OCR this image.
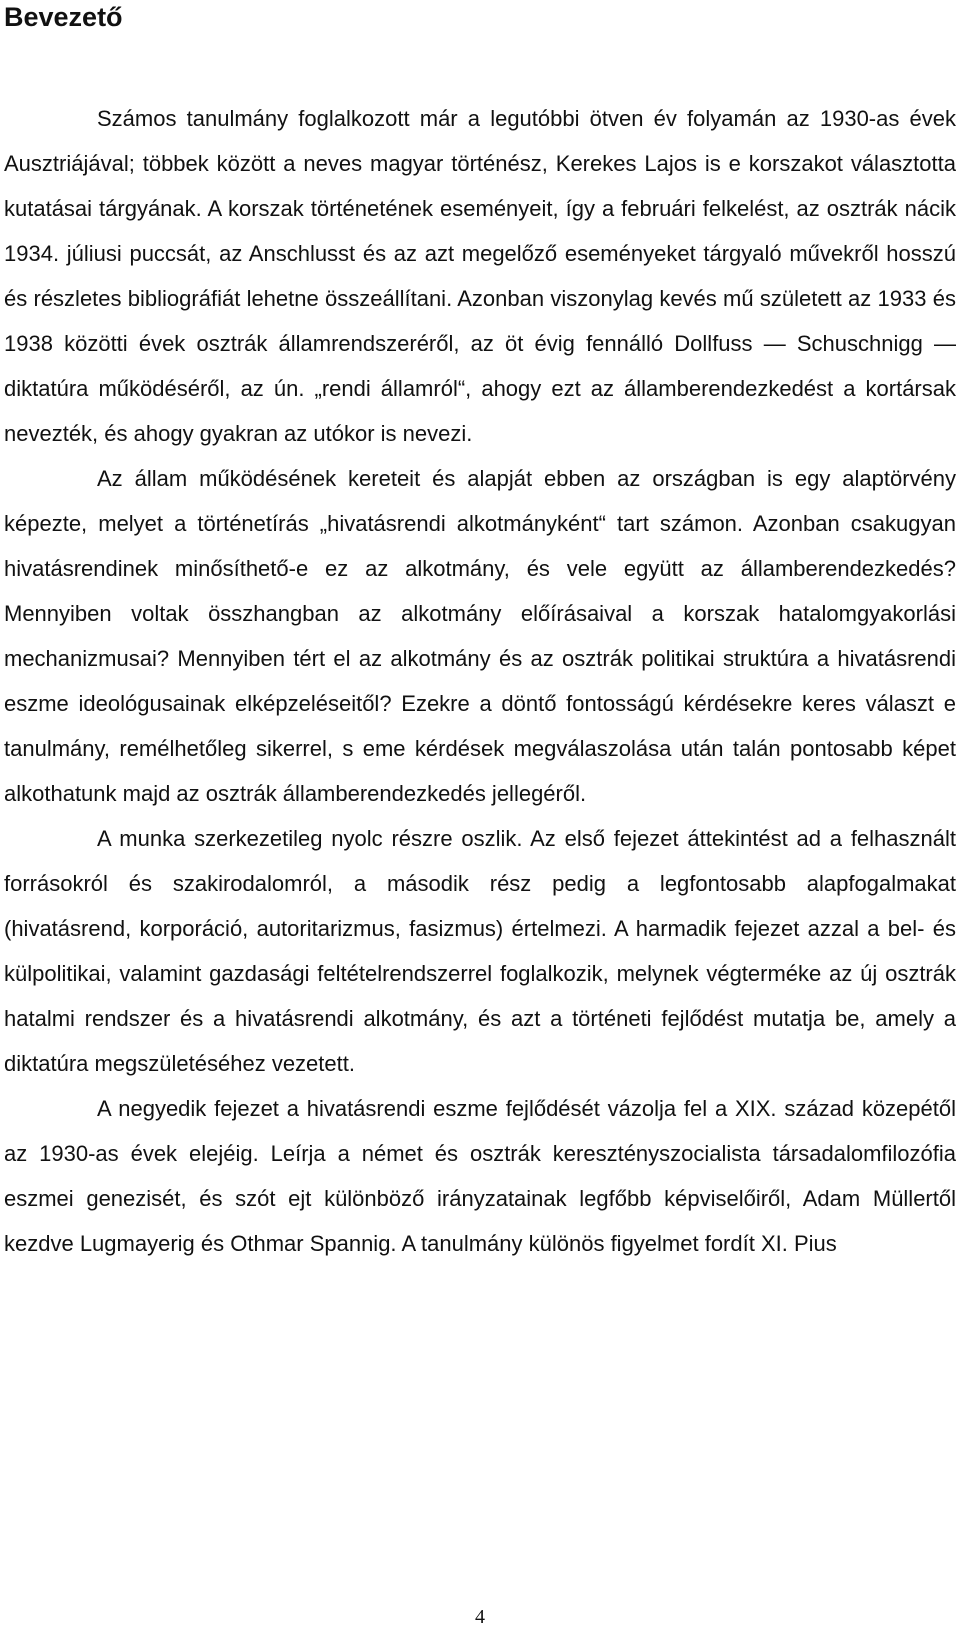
Bevezető

Számos tanulmány foglalkozott már a legutóbbi ötven év folyamán az 1930-as évek Ausztriájával; többek között a neves magyar történész, Kerekes Lajos is e korszakot választotta kutatásai tárgyának. A korszak történetének eseményeit, így a februári felkelést, az osztrák nácik 1934. júliusi puccsát, az Anschlusst és az azt megelőző eseményeket tárgyaló művekről hosszú és részletes bibliográfiát lehetne összeállítani. Azonban viszonylag kevés mű született az 1933 és 1938 közötti évek osztrák államrendszeréről, az öt évig fennálló Dollfuss — Schuschnigg — diktatúra működéséről, az ún. „rendi államról“, ahogy ezt az államberendezkedést a kortársak nevezték, és ahogy gyakran az utókor is nevezi.

Az állam működésének kereteit és alapját ebben az országban is egy alaptörvény képezte, melyet a történetírás „hivatásrendi alkotmányként“ tart számon. Azonban csakugyan hivatásrendinek minősíthető-e ez az alkotmány, és vele együtt az államberendezkedés? Mennyiben voltak összhangban az alkotmány előírásaival a korszak hatalomgyakorlási mechanizmusai? Mennyiben tért el az alkotmány és az osztrák politikai struktúra a hivatásrendi eszme ideológusainak elképzeléseitől? Ezekre a döntő fontosságú kérdésekre keres választ e tanulmány, remélhetőleg sikerrel, s eme kérdések megválaszolása után talán pontosabb képet alkothatunk majd az osztrák államberendezkedés jellegéről.

A munka szerkezetileg nyolc részre oszlik. Az első fejezet áttekintést ad a felhasznált forrásokról és szakirodalomról, a második rész pedig a legfontosabb alapfogalmakat (hivatásrend, korporáció, autoritarizmus, fasizmus) értelmezi. A harmadik fejezet azzal a bel- és külpolitikai, valamint gazdasági feltételrendszerrel foglalkozik, melynek végterméke az új osztrák hatalmi rendszer és a hivatásrendi alkotmány, és azt a történeti fejlődést mutatja be, amely a diktatúra megszületéséhez vezetett.

A negyedik fejezet a hivatásrendi eszme fejlődését vázolja fel a XIX. század közepétől az 1930-as évek elejéig. Leírja a német és osztrák keresztényszocialista társadalomfilozófia eszmei genezisét, és szót ejt különböző irányzatainak legfőbb képviselőiről, Adam Müllertől kezdve Lugmayerig és Othmar Spannig. A tanulmány különös figyelmet fordít XI. Pius

4
